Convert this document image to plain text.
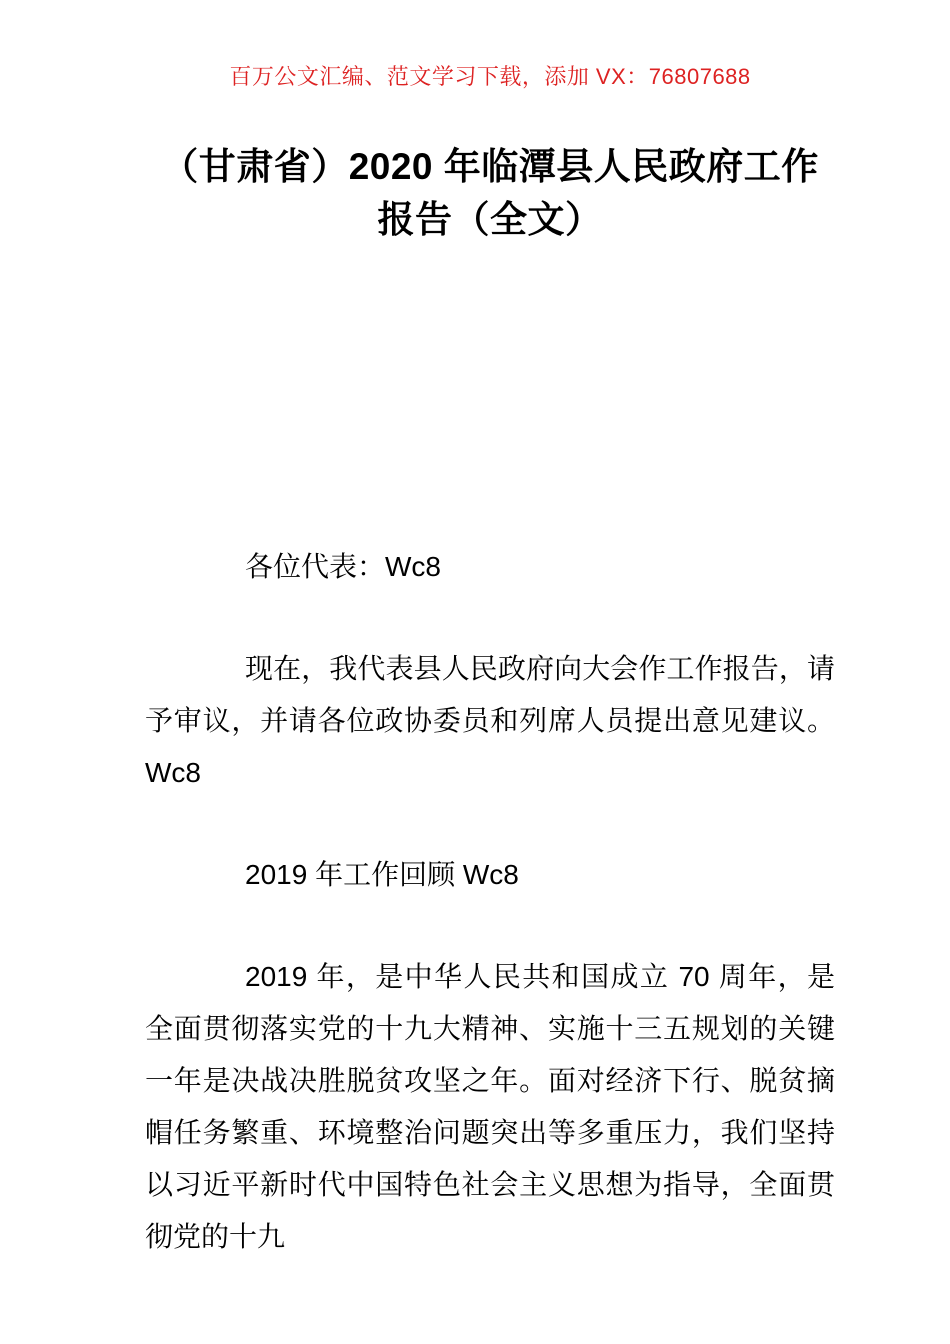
百万公文汇编、范文学习下载，添加 VX：76807688
（甘肃省）2020 年临潭县人民政府工作报告（全文）

各位代表：Wc8

现在，我代表县人民政府向大会作工作报告，请予审议，并请各位政协委员和列席人员提出意见建议。Wc8

2019 年工作回顾 Wc8

2019 年，是中华人民共和国成立 70 周年，是全面贯彻落实党的十九大精神、实施十三五规划的关键一年是决战决胜脱贫攻坚之年。面对经济下行、脱贫摘帽任务繁重、环境整治问题突出等多重压力，我们坚持以习近平新时代中国特色社会主义思想为指导，全面贯彻党的十九
